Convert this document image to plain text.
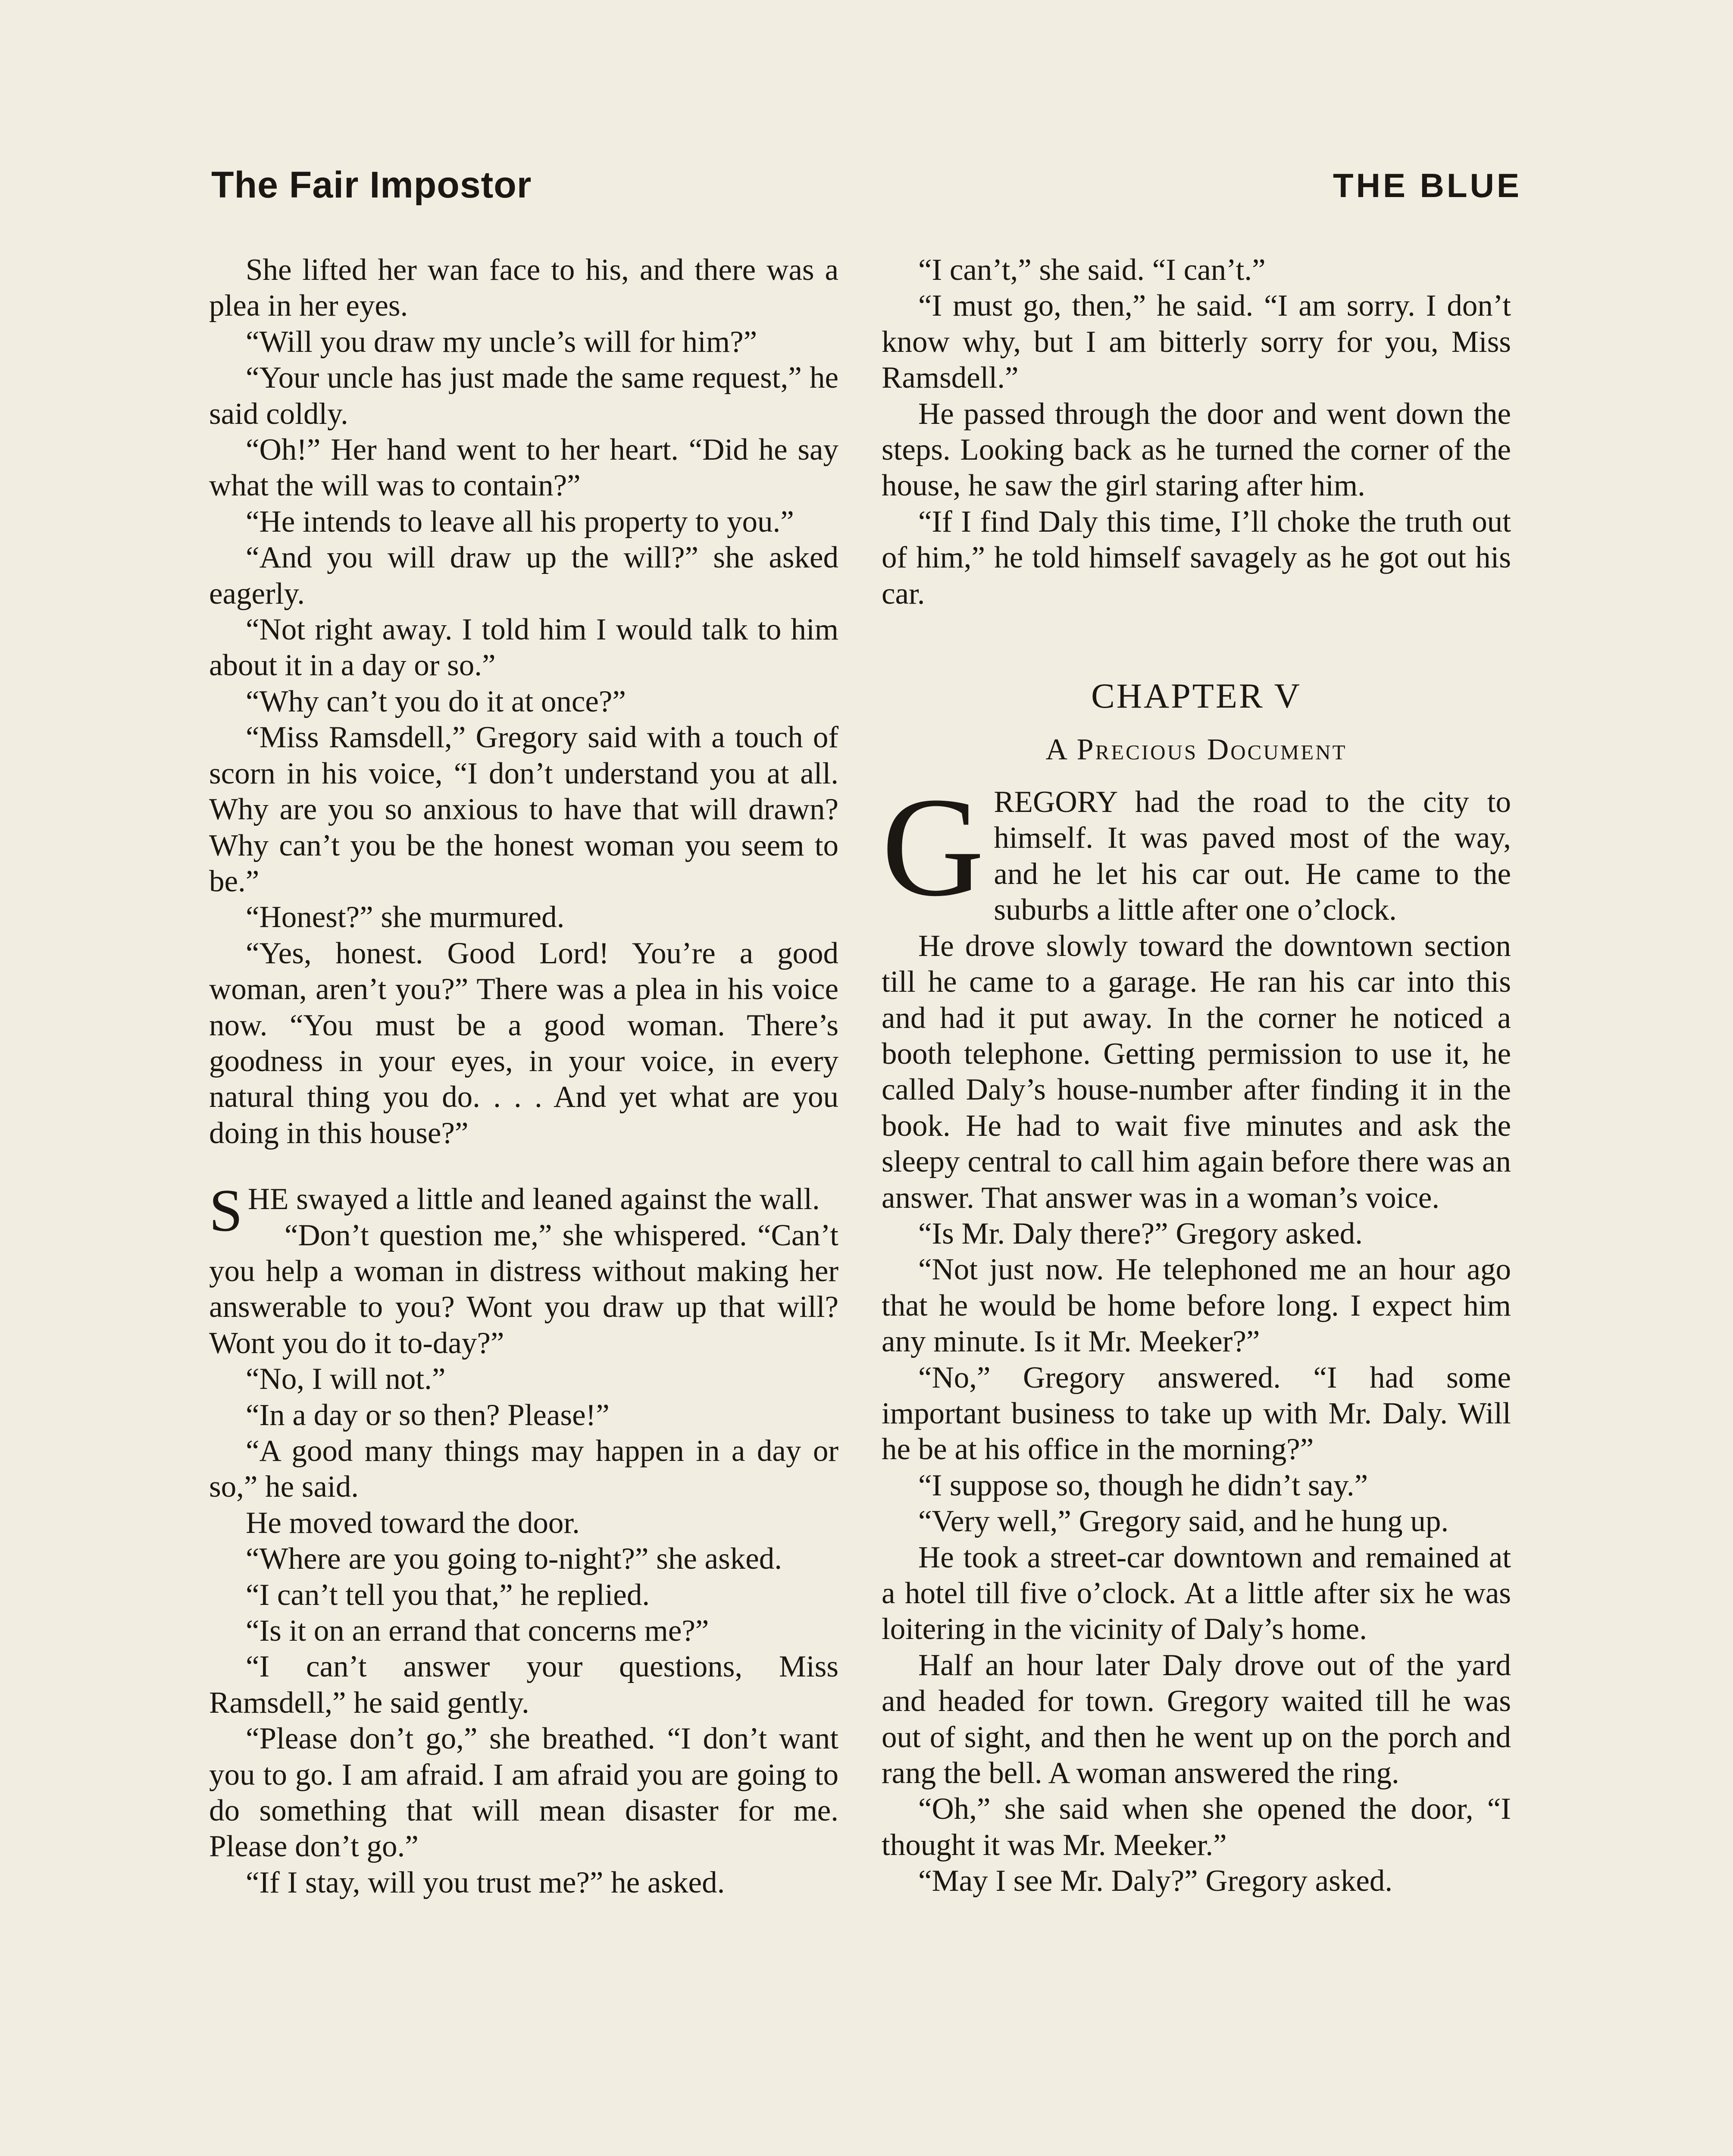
The Fair Impostor	THE BLUE

She lifted her wan face to his, and there was a plea in her eyes.

“Will you draw my uncle’s will for him?”

“Your uncle has just made the same request,” he said coldly.

“Oh!” Her hand went to her heart. “Did he say what the will was to contain?”

“He intends to leave all his property to you.”

“And you will draw up the will?” she asked eagerly.

“Not right away. I told him I would talk to him about it in a day or so.”

“Why can’t you do it at once?”

“Miss Ramsdell,” Gregory said with a touch of scorn in his voice, “I don’t understand you at all. Why are you so anxious to have that will drawn? Why can’t you be the honest woman you seem to be.”

“Honest?” she murmured.

“Yes, honest. Good Lord! You’re a good woman, aren’t you?” There was a plea in his voice now. “You must be a good woman. There’s goodness in your eyes, in your voice, in every natural thing you do. . . . And yet what are you doing in this house?”

SHE swayed a little and leaned against the wall.

“Don’t question me,” she whispered. “Can’t you help a woman in distress without making her answerable to you? Wont you draw up that will? Wont you do it to-day?”

“No, I will not.”

“In a day or so then? Please!”

“A good many things may happen in a day or so,” he said.

He moved toward the door.

“Where are you going to-night?” she asked.

“I can’t tell you that,” he replied.

“Is it on an errand that concerns me?”

“I can’t answer your questions, Miss Ramsdell,” he said gently.

“Please don’t go,” she breathed. “I don’t want you to go. I am afraid. I am afraid you are going to do something that will mean disaster for me. Please don’t go.”

“If I stay, will you trust me?” he asked.

“I can’t,” she said. “I can’t.”

“I must go, then,” he said. “I am sorry. I don’t know why, but I am bitterly sorry for you, Miss Ramsdell.”

He passed through the door and went down the steps. Looking back as he turned the corner of the house, he saw the girl staring after him.

“If I find Daly this time, I’ll choke the truth out of him,” he told himself savagely as he got out his car.

CHAPTER V
A Precious Document

GREGORY had the road to the city to himself. It was paved most of the way, and he let his car out. He came to the suburbs a little after one o’clock.

He drove slowly toward the downtown section till he came to a garage. He ran his car into this and had it put away. In the corner he noticed a booth telephone. Getting permission to use it, he called Daly’s house-number after finding it in the book. He had to wait five minutes and ask the sleepy central to call him again before there was an answer. That answer was in a woman’s voice.

“Is Mr. Daly there?” Gregory asked.

“Not just now. He telephoned me an hour ago that he would be home before long. I expect him any minute. Is it Mr. Meeker?”

“No,” Gregory answered. “I had some important business to take up with Mr. Daly. Will he be at his office in the morning?”

“I suppose so, though he didn’t say.”

“Very well,” Gregory said, and he hung up.

He took a street-car downtown and remained at a hotel till five o’clock. At a little after six he was loitering in the vicinity of Daly’s home.

Half an hour later Daly drove out of the yard and headed for town. Gregory waited till he was out of sight, and then he went up on the porch and rang the bell. A woman answered the ring.

“Oh,” she said when she opened the door, “I thought it was Mr. Meeker.”

“May I see Mr. Daly?” Gregory asked.
